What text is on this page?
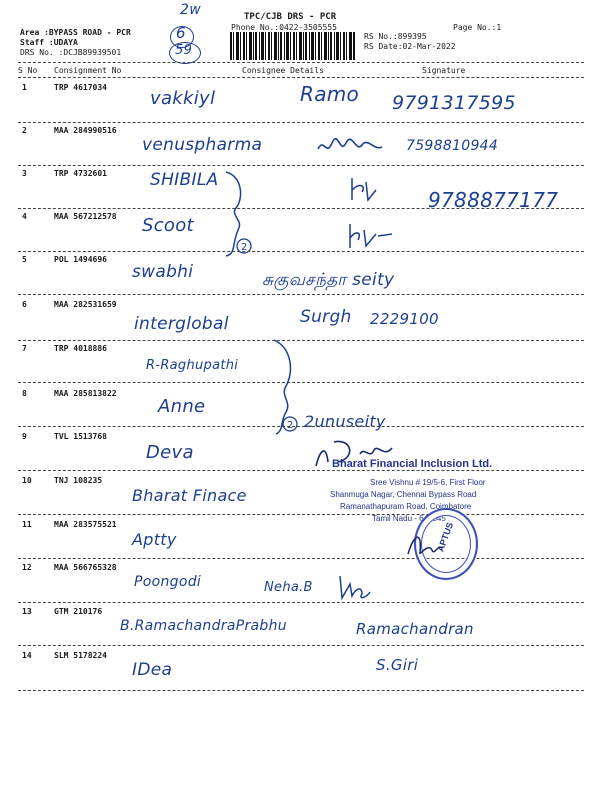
Area :BYPASS ROAD - PCR
Staff :UDAYA
DRS No. :DCJB89939501
TPC/CJB DRS - PCR
Phone No.:0422-3505555	Page No.:1
RS No.:899395
RS Date:02-Mar-2022
2w
6
59
S No Consignment No	Consignee Details	Signature
1	TRP 4617034
vakkiyl	Ramo 9791317595
2	MAA 284990516
venuspharma	7598810944
3	TRP 4732601	SHIBILA
9788877177
2
4	MAA 567212578 Scoot
5	POL 1494696
swabhi	சுகுவசந்தா seity
6	MAA 282531659
interglobal	Surgh 2229100
7	TRP 4018886
R-Raghupathi
2
8	MAA 285813822
Anne
2unuseity
9	TVL 1513768
Deva
10	TNJ 108235
Bharat Finace
11	MAA 283575521
Aptty
12	MAA 566765328
Poongodi	Neha.B
13	GTM 210176
B.RamachandraPrabhu	Ramachandran
14	SLM 5178224
IDea	S.Giri
Bharat Financial Inclusion Ltd.
Sree Vishnu # 19/5-6, First Floor
Shanmuga Nagar, Chennai Bypass Road
Ramanathapuram Road, Coimbatore
Tamil Nadu - 641045
APTUS
